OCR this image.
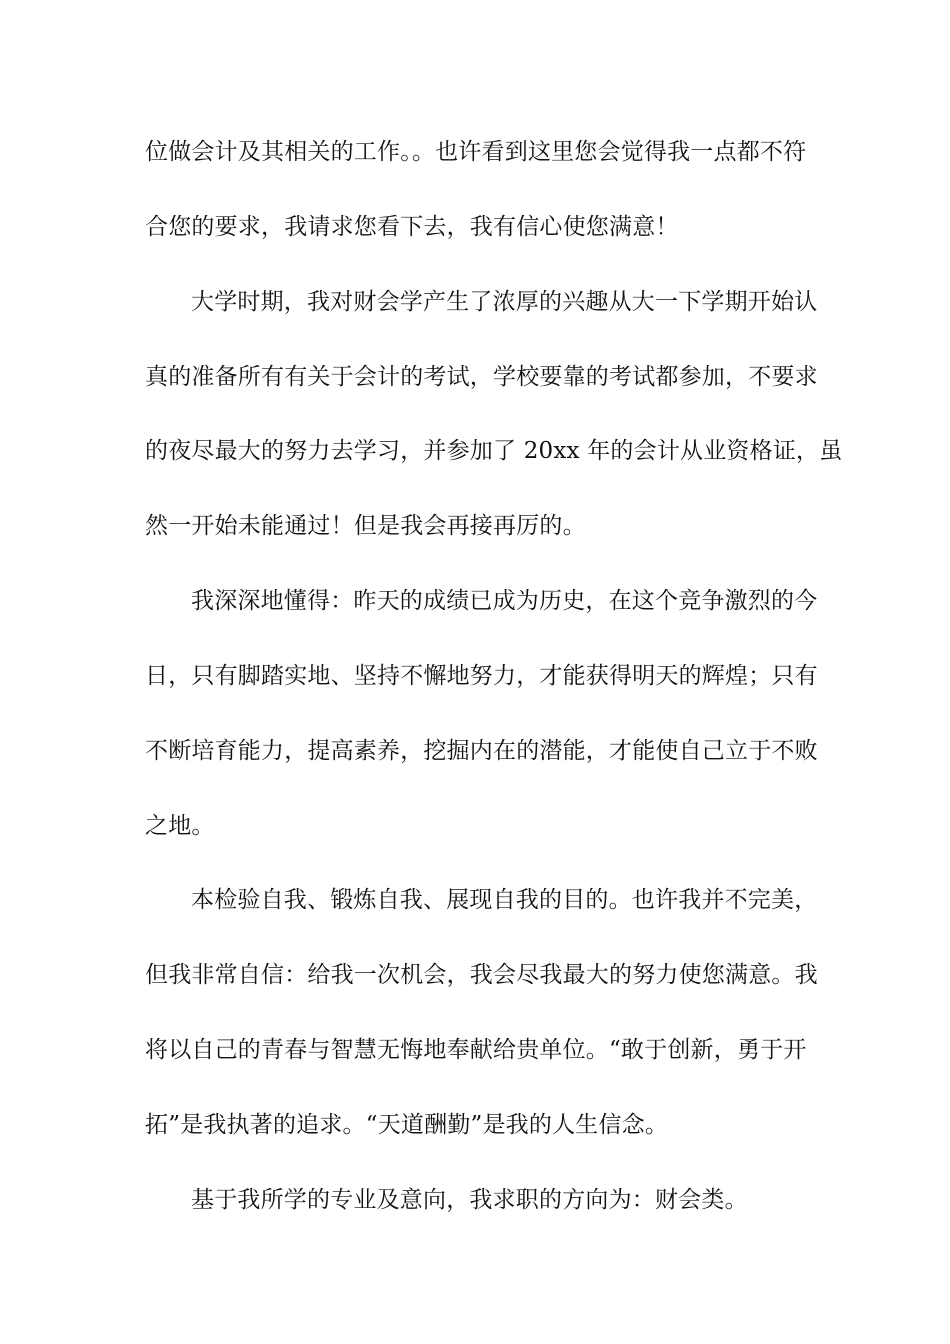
位做会计及其相关的工作。。也许看到这里您会觉得我一点都不符
合您的要求，我请求您看下去，我有信心使您满意！
大学时期，我对财会学产生了浓厚的兴趣从大一下学期开始认
真的准备所有有关于会计的考试，学校要靠的考试都参加，不要求
的夜尽最大的努力去学习，并参加了 20xx 年的会计从业资格证，虽
然一开始未能通过！但是我会再接再厉的。
我深深地懂得：昨天的成绩已成为历史，在这个竞争激烈的今
日，只有脚踏实地、坚持不懈地努力，才能获得明天的辉煌；只有
不断培育能力，提高素养，挖掘内在的潜能，才能使自己立于不败
之地。
本检验自我、锻炼自我、展现自我的目的。也许我并不完美，
但我非常自信：给我一次机会，我会尽我最大的努力使您满意。我
将以自己的青春与智慧无悔地奉献给贵单位。“敢于创新，勇于开
拓”是我执著的追求。“天道酬勤”是我的人生信念。
基于我所学的专业及意向，我求职的方向为：财会类。
